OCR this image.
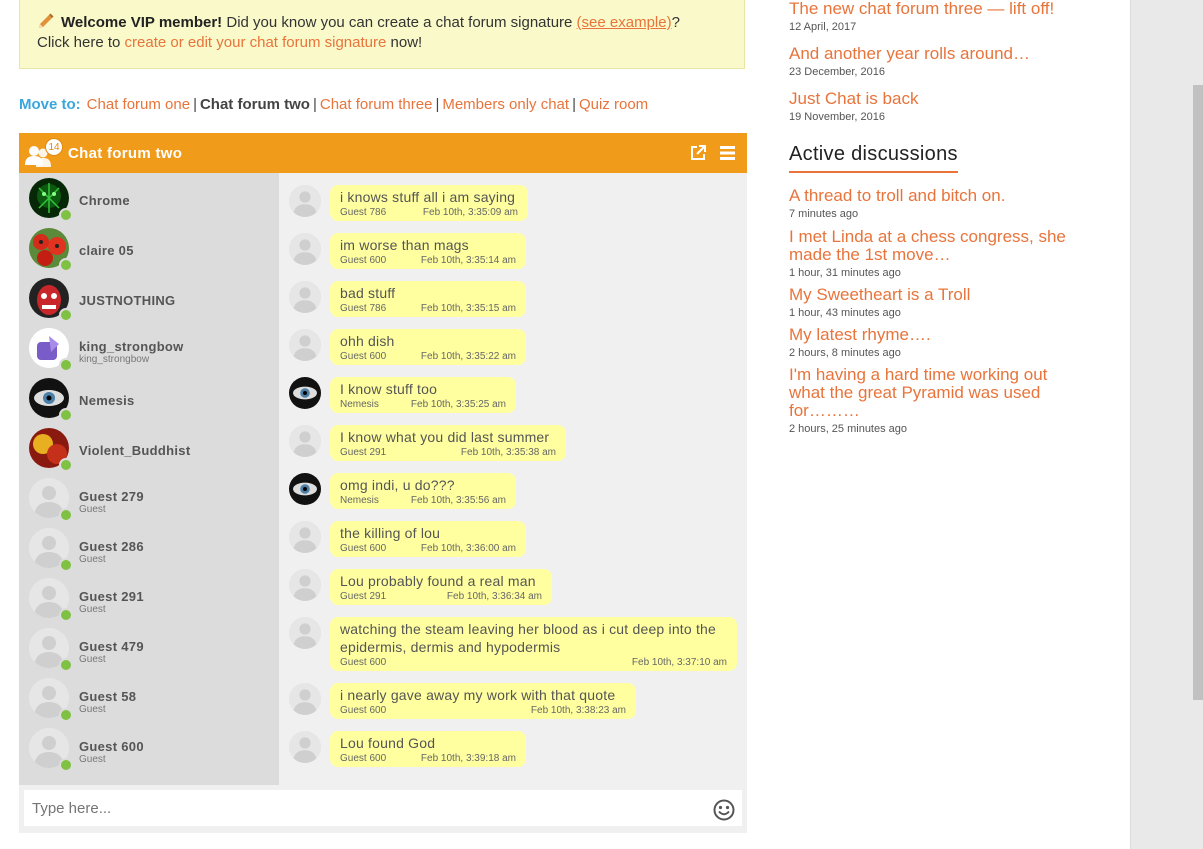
Welcome VIP member! Did you know you can create a chat forum signature (see example)?
Click here to create or edit your chat forum signature now!
Move to: Chat forum one | Chat forum two | Chat forum three | Members only chat | Quiz room
14 Chat forum two
Chrome
claire 05
JUSTNOTHING
king_strongbow
king_strongbow
Nemesis
Violent_Buddhist
Guest 279
Guest
Guest 286
Guest
Guest 291
Guest
Guest 479
Guest
Guest 58
Guest
Guest 600
Guest
i knows stuff all i am saying
Guest 786	Feb 10th, 3:35:09 am
im worse than mags
Guest 600	Feb 10th, 3:35:14 am
bad stuff
Guest 786	Feb 10th, 3:35:15 am
ohh dish
Guest 600	Feb 10th, 3:35:22 am
I know stuff too
Nemesis	Feb 10th, 3:35:25 am
I know what you did last summer
Guest 291	Feb 10th, 3:35:38 am
omg indi, u do???
Nemesis	Feb 10th, 3:35:56 am
the killing of lou
Guest 600	Feb 10th, 3:36:00 am
Lou probably found a real man
Guest 291	Feb 10th, 3:36:34 am
watching the steam leaving her blood as i cut deep into the epidermis, dermis and hypodermis
Guest 600	Feb 10th, 3:37:10 am
i nearly gave away my work with that quote
Guest 600	Feb 10th, 3:38:23 am
Lou found God
Guest 600	Feb 10th, 3:39:18 am
Type here...
The new chat forum three — lift off!
12 April, 2017
And another year rolls around…
23 December, 2016
Just Chat is back
19 November, 2016
Active discussions
A thread to troll and bitch on.
7 minutes ago
I met Linda at a chess congress, she made the 1st move…
1 hour, 31 minutes ago
My Sweetheart is a Troll
1 hour, 43 minutes ago
My latest rhyme….
2 hours, 8 minutes ago
I'm having a hard time working out what the great Pyramid was used for………
2 hours, 25 minutes ago
